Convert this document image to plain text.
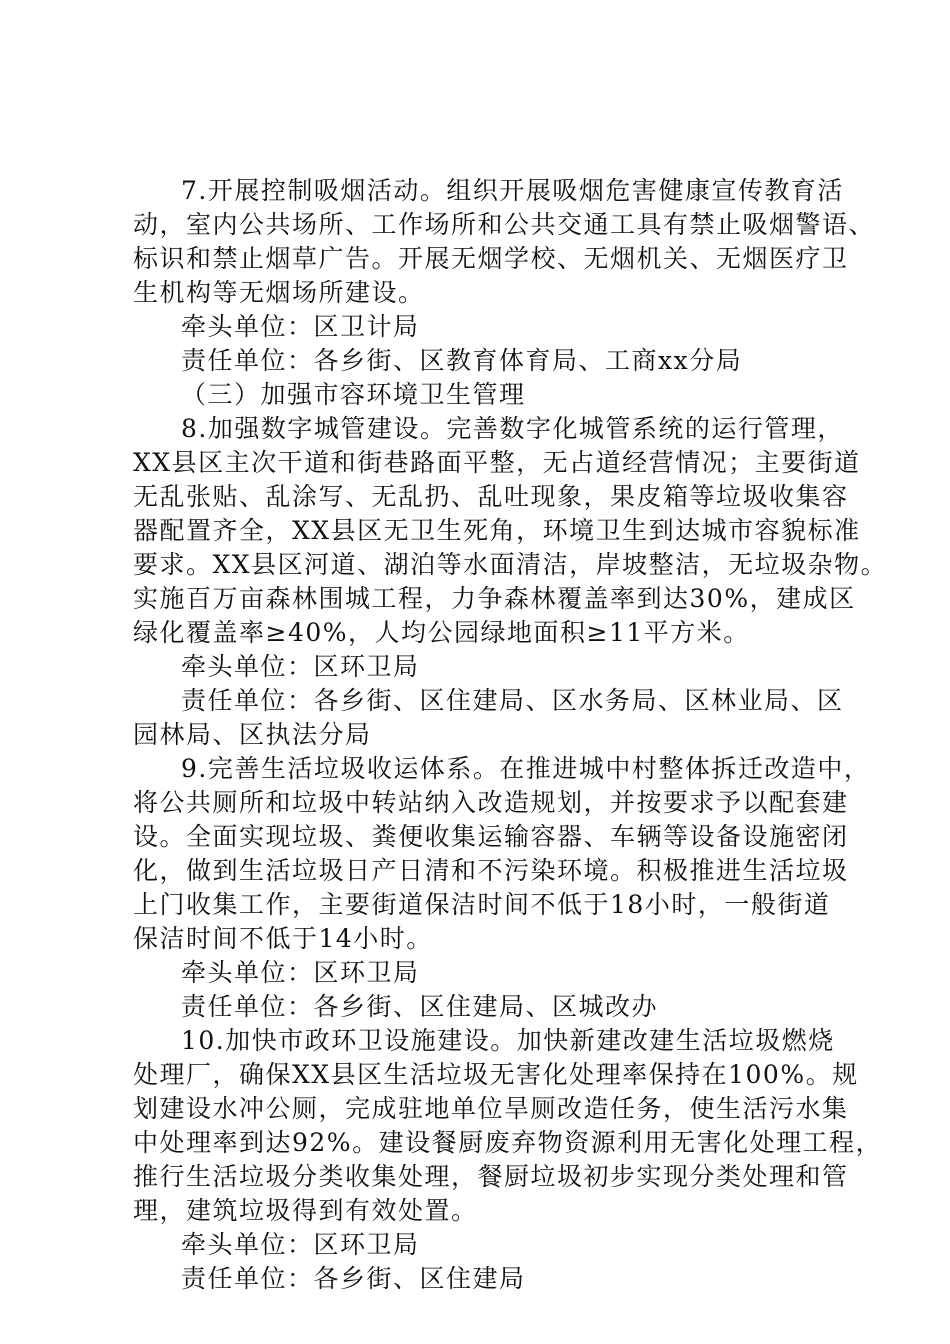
7.开展控制吸烟活动。组织开展吸烟危害健康宣传教育活

动，室内公共场所、工作场所和公共交通工具有禁止吸烟警语、

标识和禁止烟草广告。开展无烟学校、无烟机关、无烟医疗卫

生机构等无烟场所建设。

牵头单位：区卫计局

责任单位：各乡街、区教育体育局、工商xx分局

（三）加强市容环境卫生管理

8.加强数字城管建设。完善数字化城管系统的运行管理，

XX县区主次干道和街巷路面平整，无占道经营情况；主要街道

无乱张贴、乱涂写、无乱扔、乱吐现象，果皮箱等垃圾收集容

器配置齐全，XX县区无卫生死角，环境卫生到达城市容貌标准

要求。XX县区河道、湖泊等水面清洁，岸坡整洁，无垃圾杂物。

实施百万亩森林围城工程，力争森林覆盖率到达30%，建成区

绿化覆盖率≥40%，人均公园绿地面积≥11平方米。

牵头单位：区环卫局

责任单位：各乡街、区住建局、区水务局、区林业局、区

园林局、区执法分局

9.完善生活垃圾收运体系。在推进城中村整体拆迁改造中，

将公共厕所和垃圾中转站纳入改造规划，并按要求予以配套建

设。全面实现垃圾、粪便收集运输容器、车辆等设备设施密闭

化，做到生活垃圾日产日清和不污染环境。积极推进生活垃圾

上门收集工作，主要街道保洁时间不低于18小时，一般街道

保洁时间不低于14小时。

牵头单位：区环卫局

责任单位：各乡街、区住建局、区城改办

10.加快市政环卫设施建设。加快新建改建生活垃圾燃烧

处理厂，确保XX县区生活垃圾无害化处理率保持在100%。规

划建设水冲公厕，完成驻地单位旱厕改造任务，使生活污水集

中处理率到达92%。建设餐厨废弃物资源利用无害化处理工程，

推行生活垃圾分类收集处理，餐厨垃圾初步实现分类处理和管

理，建筑垃圾得到有效处置。

牵头单位：区环卫局

责任单位：各乡街、区住建局
